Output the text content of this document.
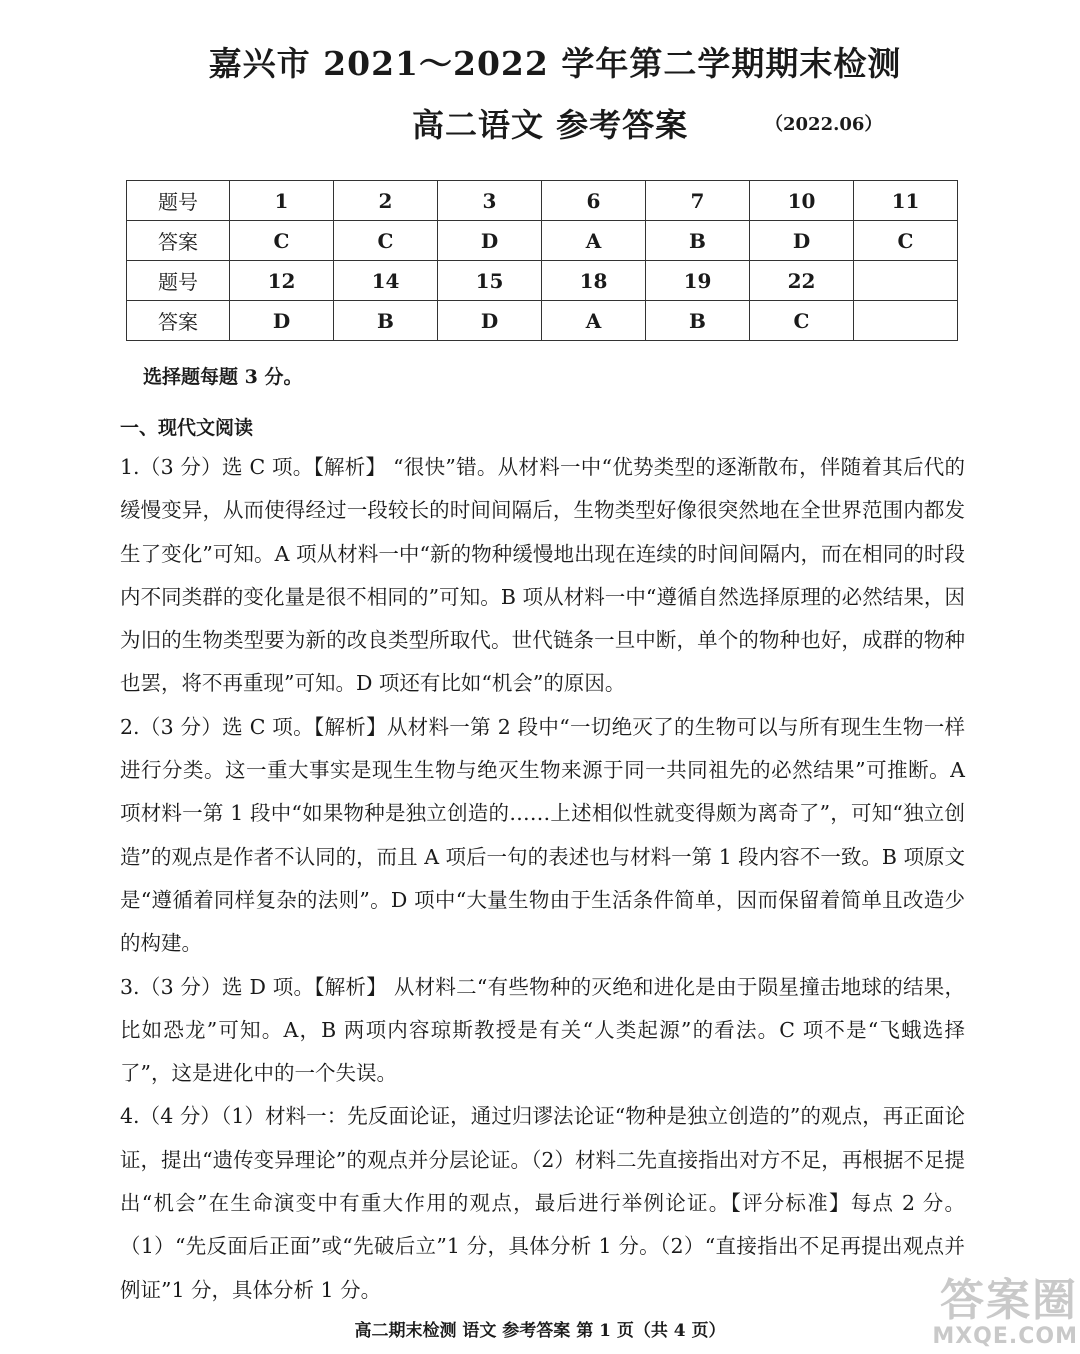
嘉兴市 2021～2022 学年第二学期期末检测
高二语文 参考答案	（2022.06）
题号	1	2	3	6	7	10	11
答案	C	C	D	A	B	D	C
题号	12	14	15	18	19	22	
答案	D	B	D	A	B	C	
选择题每题 3 分。
一、现代文阅读

1.（3 分）选 C 项。【解析】 “很快”错。从材料一中“优势类型的逐渐散布，伴随着其后代的缓慢变异，从而使得经过一段较长的时间间隔后，生物类型好像很突然地在全世界范围内都发生了变化”可知。A 项从材料一中“新的物种缓慢地出现在连续的时间间隔内，而在相同的时段内不同类群的变化量是很不相同的”可知。B 项从材料一中“遵循自然选择原理的必然结果，因为旧的生物类型要为新的改良类型所取代。世代链条一旦中断，单个的物种也好，成群的物种也罢，将不再重现”可知。D 项还有比如“机会”的原因。

2.（3 分）选 C 项。【解析】从材料一第 2 段中“一切绝灭了的生物可以与所有现生生物一样进行分类。这一重大事实是现生生物与绝灭生物来源于同一共同祖先的必然结果”可推断。A 项材料一第 1 段中“如果物种是独立创造的……上述相似性就变得颇为离奇了”，可知“独立创造”的观点是作者不认同的，而且 A 项后一句的表述也与材料一第 1 段内容不一致。B 项原文是“遵循着同样复杂的法则”。D 项中“大量生物由于生活条件简单，因而保留着简单且改造少的构建。

3.（3 分）选 D 项。【解析】 从材料二“有些物种的灭绝和进化是由于陨星撞击地球的结果，比如恐龙”可知。A，B 两项内容琼斯教授是有关“人类起源”的看法。C 项不是“飞蛾选择了”，这是进化中的一个失误。

4.（4 分）（1）材料一：先反面论证，通过归谬法论证“物种是独立创造的”的观点，再正面论证，提出“遗传变异理论”的观点并分层论证。（2）材料二先直接指出对方不足，再根据不足提出“机会”在生命演变中有重大作用的观点，最后进行举例论证。【评分标准】每点 2 分。（1）“先反面后正面”或“先破后立”1 分，具体分析 1 分。（2）“直接指出不足再提出观点并例证”1 分，具体分析 1 分。

高二期末检测 语文 参考答案 第 1 页（共 4 页）
答案圈
MXQE.COM
